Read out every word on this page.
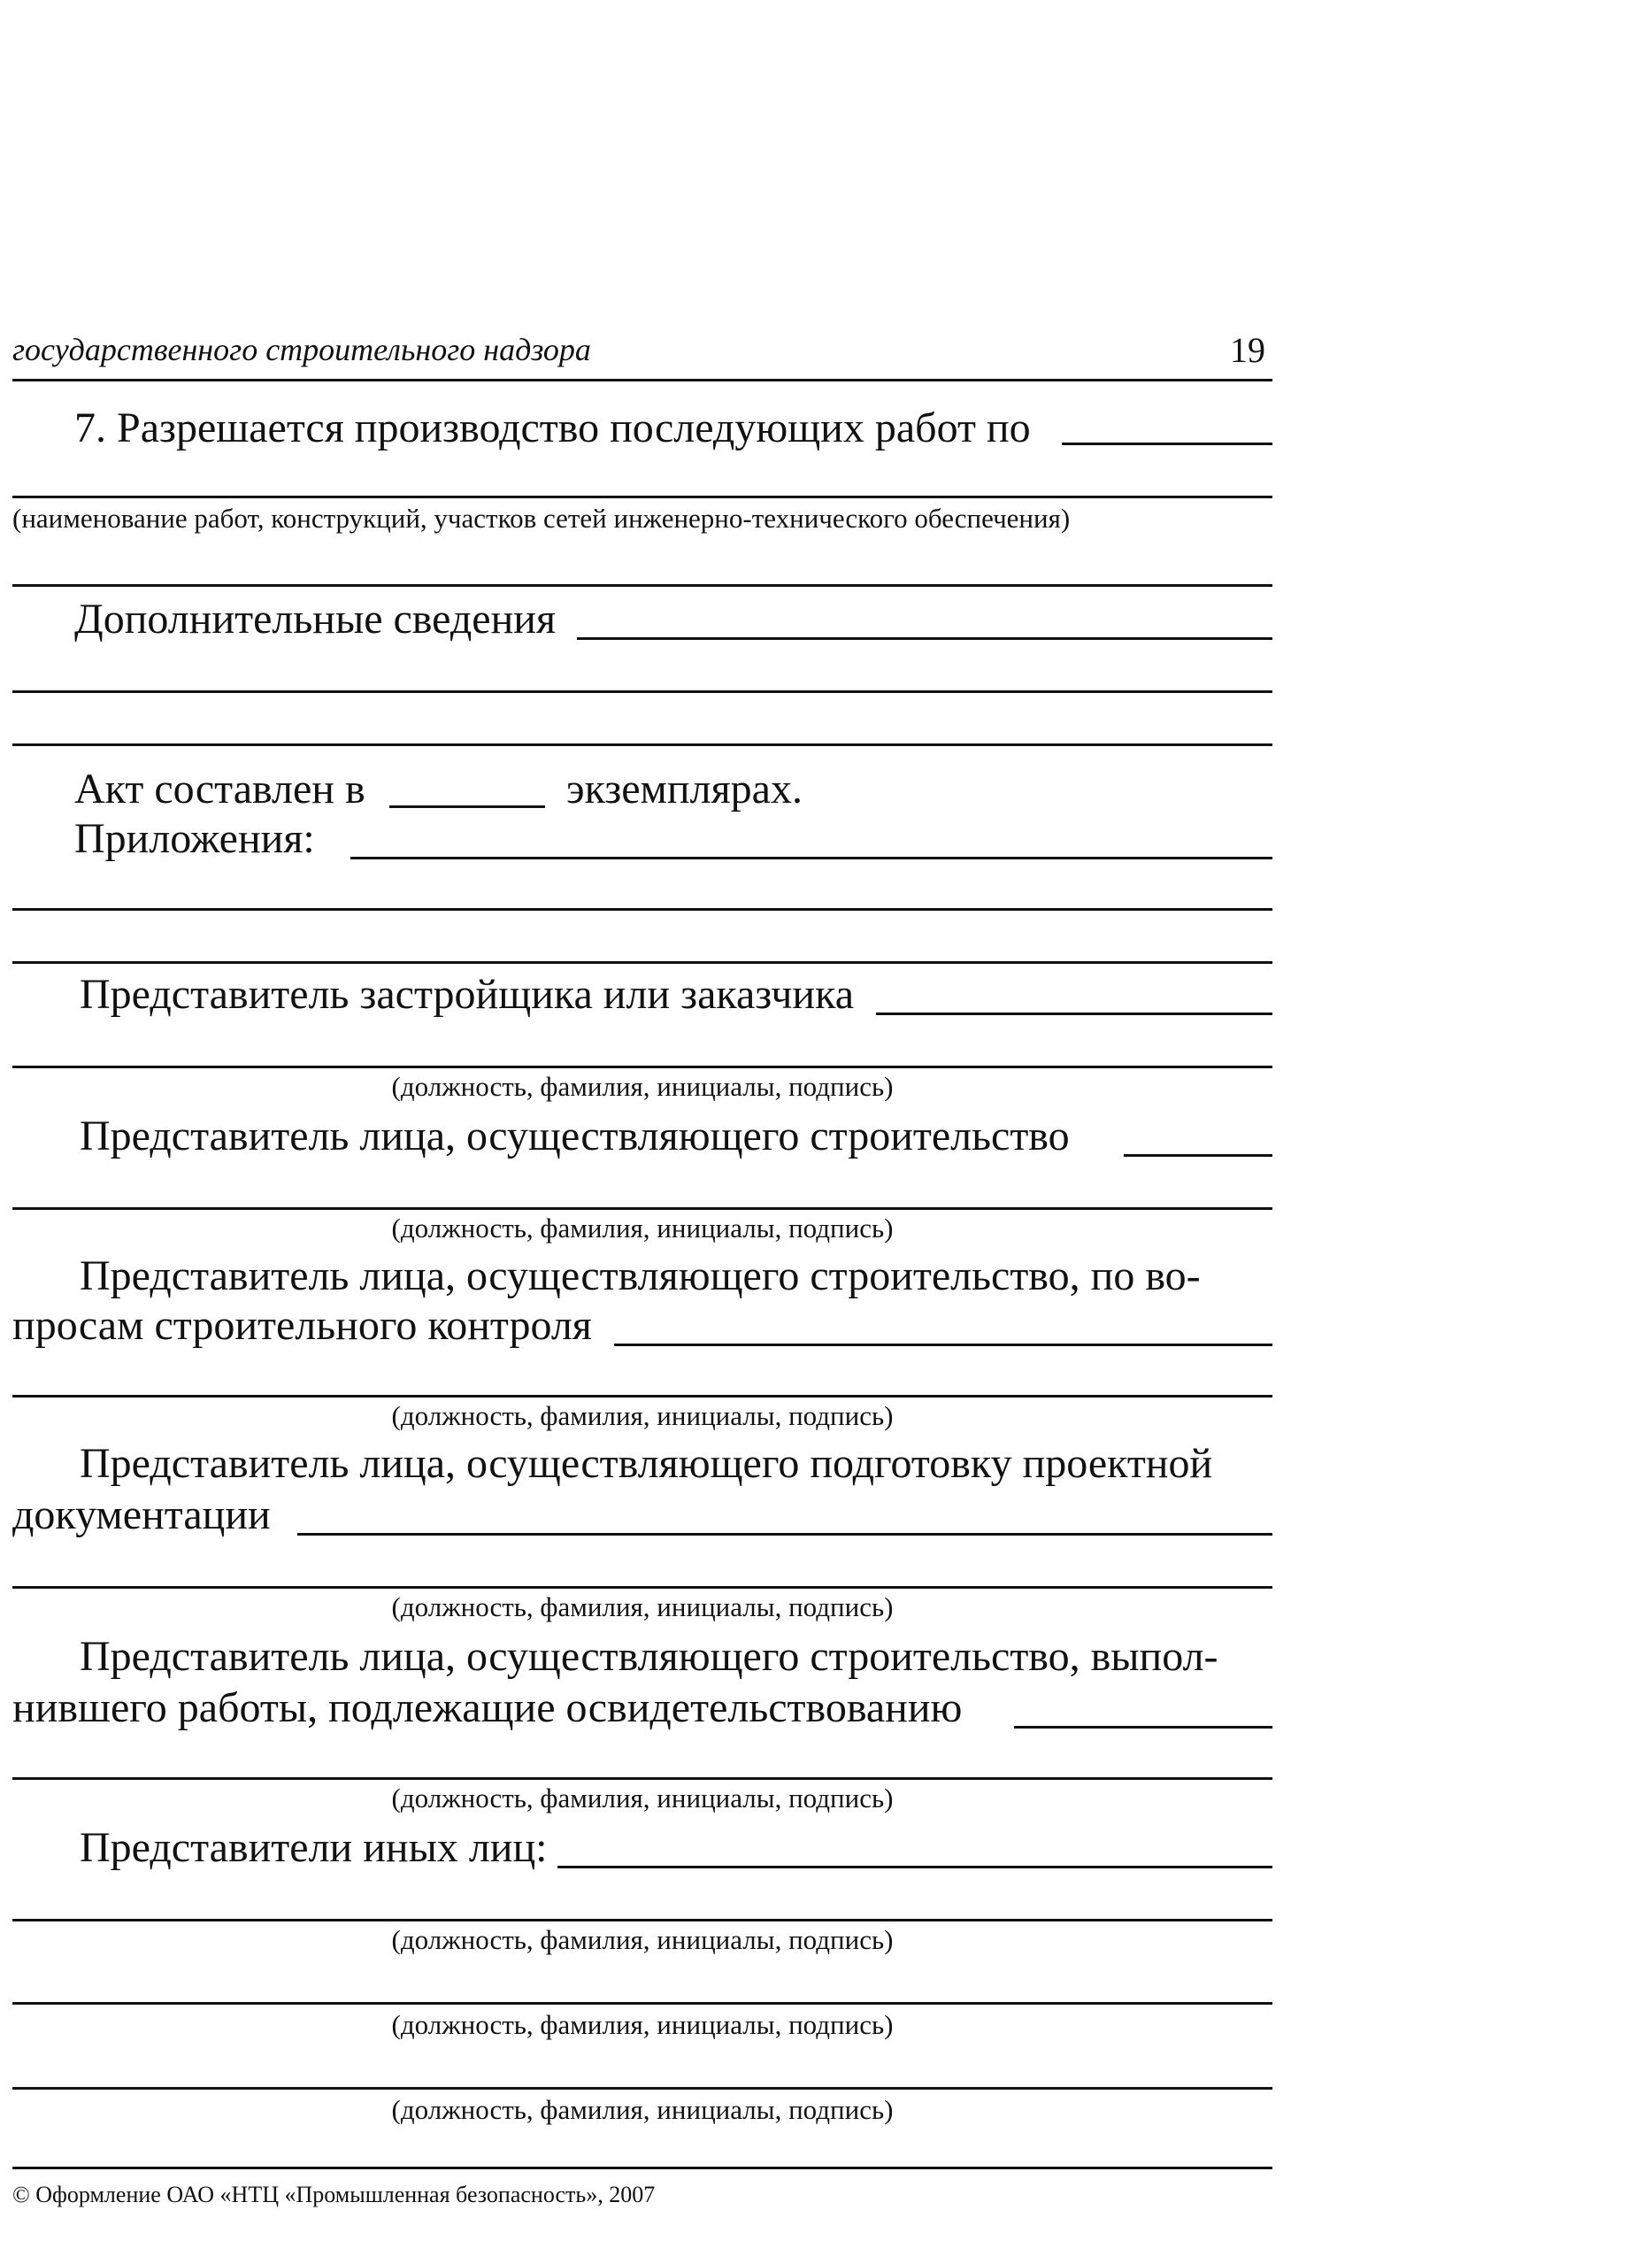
государственного строительного надзора	19
7. Разрешается производство последующих работ по
(наименование работ, конструкций, участков сетей инженерно-технического обеспечения)
Дополнительные сведения
Акт составлен в	экземплярах.
Приложения:
Представитель застройщика или заказчика
(должность, фамилия, инициалы, подпись)
Представитель лица, осуществляющего строительство
(должность, фамилия, инициалы, подпись)
Представитель лица, осуществляющего строительство, по во-
просам строительного контроля
(должность, фамилия, инициалы, подпись)
Представитель лица, осуществляющего подготовку проектной
документации
(должность, фамилия, инициалы, подпись)
Представитель лица, осуществляющего строительство, выпол-
нившего работы, подлежащие освидетельствованию
(должность, фамилия, инициалы, подпись)
Представители иных лиц:
(должность, фамилия, инициалы, подпись)
(должность, фамилия, инициалы, подпись)
(должность, фамилия, инициалы, подпись)
© Оформление ОАО «НТЦ «Промышленная безопасность», 2007
